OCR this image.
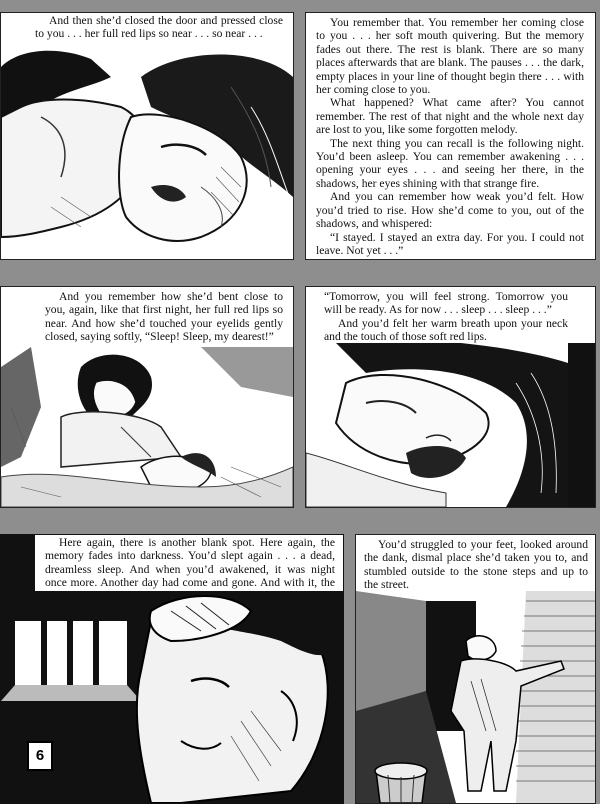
And then she’d closed the door and pressed close to you . . . her full red lips so near . . . so near . . .

You remember that. You remember her coming close to you . . . her soft mouth quivering. But the memory fades out there. The rest is blank. There are so many places afterwards that are blank. The pauses . . . the dark, empty places in your line of thought begin there . . . with her coming close to you.

What happened? What came after? You cannot remember. The rest of that night and the whole next day are lost to you, like some forgotten melody.

The next thing you can recall is the following night. You’d been asleep. You can remember awakening . . . opening your eyes . . . and seeing her there, in the shadows, her eyes shining with that strange fire.

And you can remember how weak you’d felt. How you’d tried to rise. How she’d come to you, out of the shadows, and whispered:

“I stayed. I stayed an extra day. For you. I could not leave. Not yet . . .”

And you remember how she’d bent close to you, again, like that first night, her full red lips so near. And how she’d touched your eyelids gently closed, saying softly, “Sleep! Sleep, my dearest!”

“Tomorrow, you will feel strong. Tomorrow you will be ready. As for now . . . sleep . . . sleep . . .”

And you’d felt her warm breath upon your neck and the touch of those soft red lips.

Here again, there is another blank spot. Here again, the memory fades into darkness. You’d slept again . . . a dead, dreamless sleep. And when you’d awakened, it was night once more. Another day had come and gone. And with it, the

6

You’d struggled to your feet, looked around the dank, dismal place she’d taken you to, and stumbled outside to the stone steps and up to the street.
